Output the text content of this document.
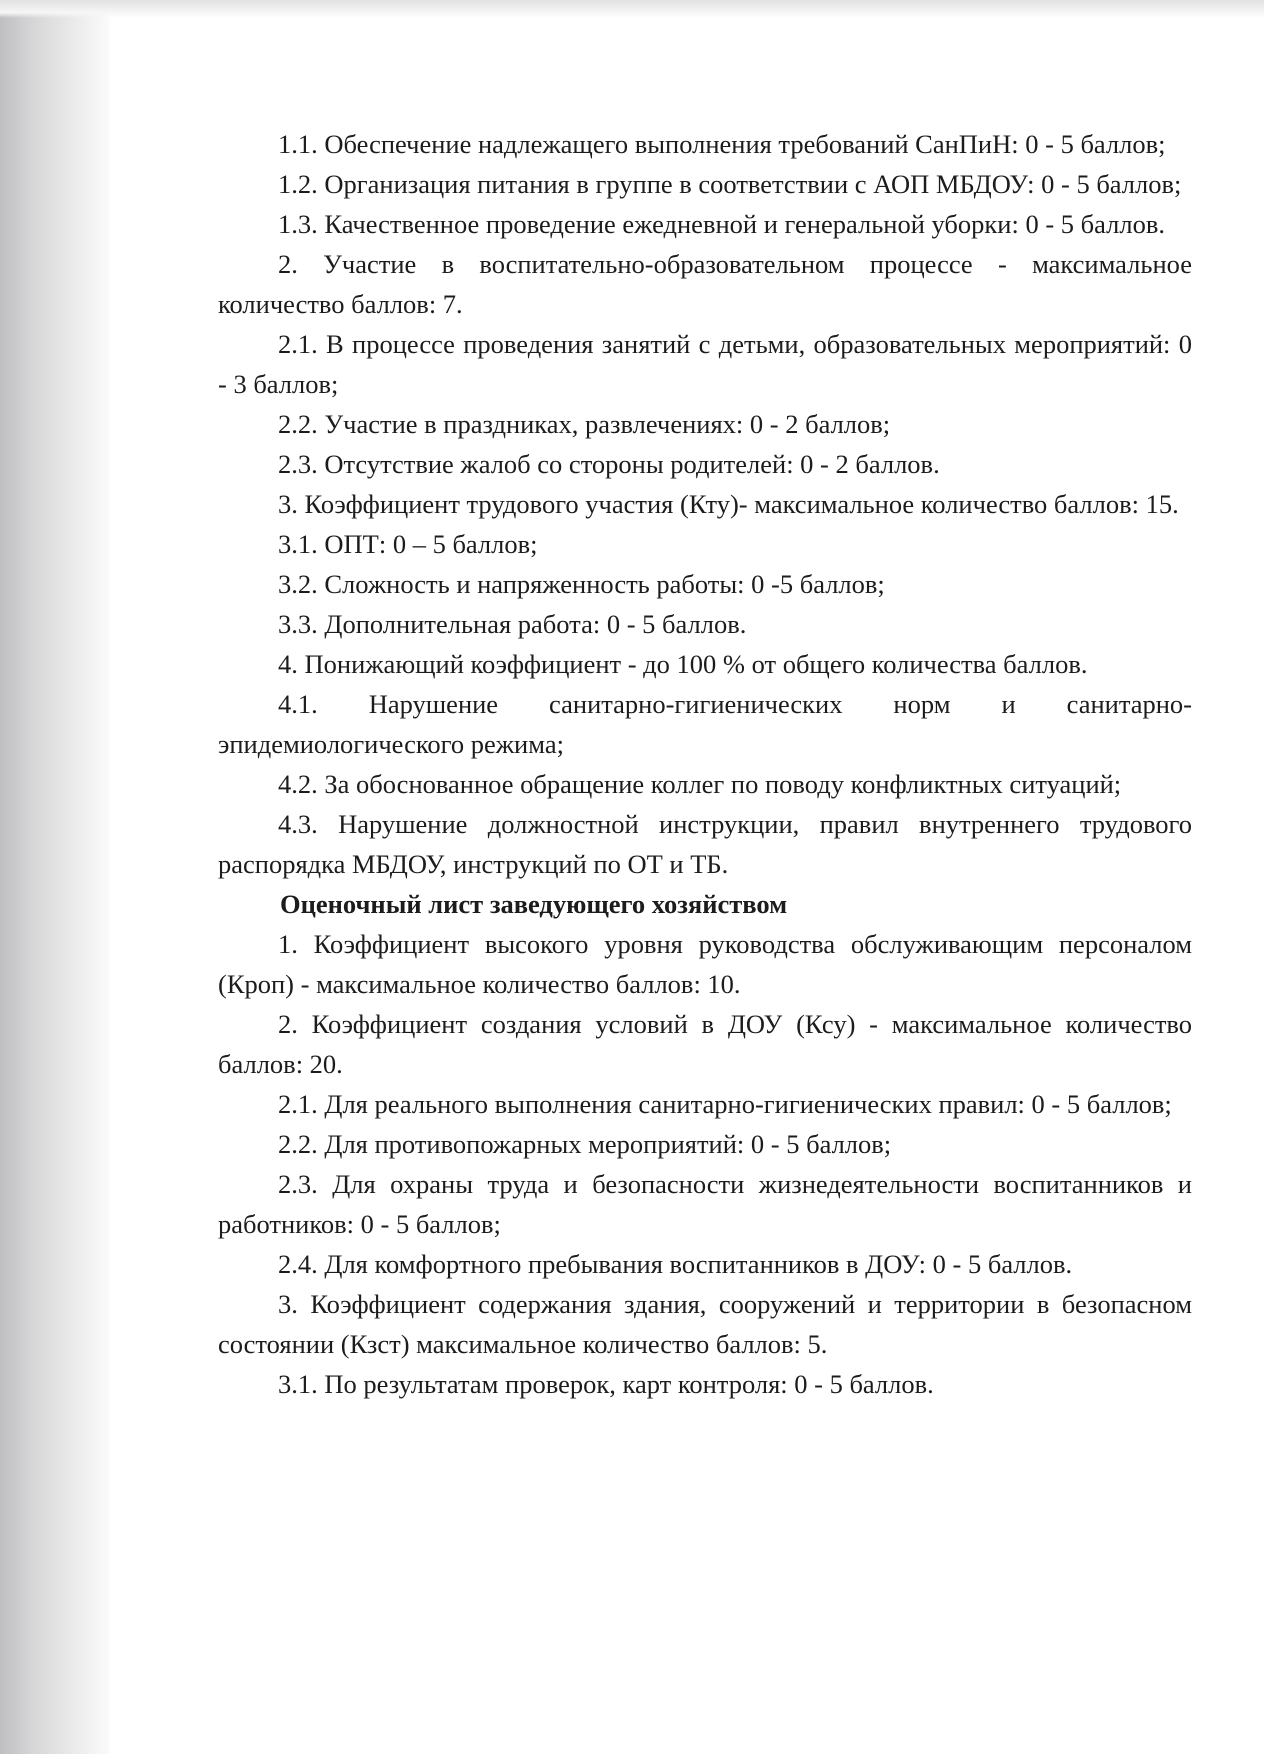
1.1. Обеспечение надлежащего выполнения требований СанПиН: 0 - 5 баллов;

1.2. Организация питания в группе в соответствии с АОП МБДОУ: 0 - 5 баллов;

1.3. Качественное проведение ежедневной и генеральной уборки: 0 - 5 баллов.

2. Участие в воспитательно-образовательном процессе - максимальное количество баллов: 7.

2.1. В процессе проведения занятий с детьми, образовательных мероприятий: 0 - 3 баллов;

2.2. Участие в праздниках, развлечениях: 0 - 2 баллов;

2.3. Отсутствие жалоб со стороны родителей: 0 - 2 баллов.

3. Коэффициент трудового участия (Кту)- максимальное количество баллов: 15.

3.1. ОПТ: 0 – 5 баллов;

3.2. Сложность и напряженность работы: 0 -5 баллов;

3.3. Дополнительная работа: 0 - 5 баллов.

4. Понижающий коэффициент - до 100 % от общего количества баллов.

4.1. Нарушение санитарно-гигиенических норм и санитарно-эпидемиологического режима;

4.2. За обоснованное обращение коллег по поводу конфликтных ситуаций;

4.3. Нарушение должностной инструкции, правил внутреннего трудового распорядка МБДОУ, инструкций по ОТ и ТБ.

Оценочный лист заведующего хозяйством

1. Коэффициент высокого уровня руководства обслуживающим персоналом (Кроп) - максимальное количество баллов: 10.

2. Коэффициент создания условий в ДОУ (Ксу) - максимальное количество баллов: 20.

2.1. Для реального выполнения санитарно-гигиенических правил: 0 - 5 баллов;

2.2. Для противопожарных мероприятий: 0 - 5 баллов;

2.3. Для охраны труда и безопасности жизнедеятельности воспитанников и работников: 0 - 5 баллов;

2.4. Для комфортного пребывания воспитанников в ДОУ: 0 - 5 баллов.

3. Коэффициент содержания здания, сооружений и территории в безопасном состоянии (Кзст) максимальное количество баллов: 5.

3.1. По результатам проверок, карт контроля: 0 - 5 баллов.
